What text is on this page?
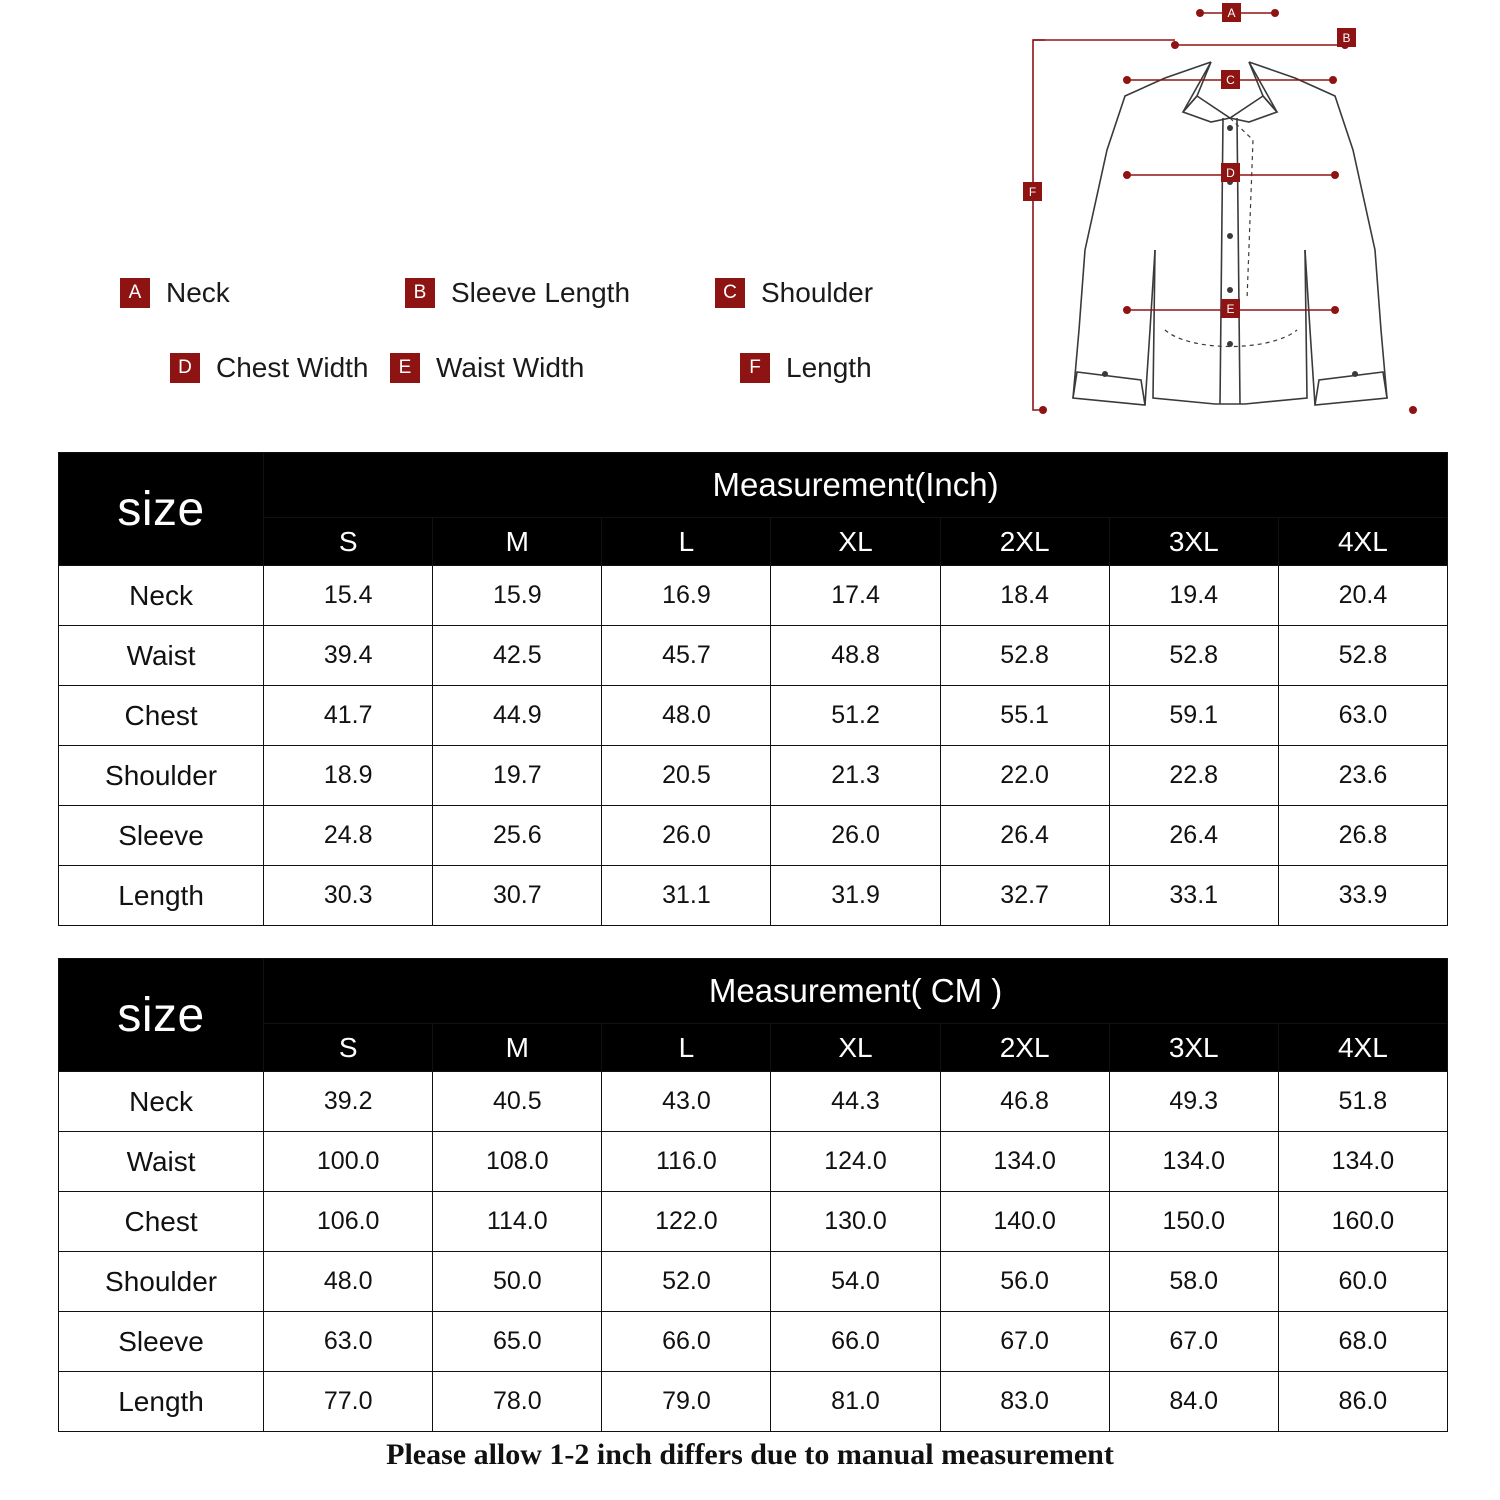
A Neck	B Sleeve Length	C Shoulder
D Chest Width	E Waist Width	F Length
A
B
C
D
E
F
size	Measurement(Inch)						
	S	M	L	XL	2XL	3XL	4XL
Neck	15.4	15.9	16.9	17.4	18.4	19.4	20.4
Waist	39.4	42.5	45.7	48.8	52.8	52.8	52.8
Chest	41.7	44.9	48.0	51.2	55.1	59.1	63.0
Shoulder	18.9	19.7	20.5	21.3	22.0	22.8	23.6
Sleeve	24.8	25.6	26.0	26.0	26.4	26.4	26.8
Length	30.3	30.7	31.1	31.9	32.7	33.1	33.9
size	Measurement( CM )						
	S	M	L	XL	2XL	3XL	4XL
Neck	39.2	40.5	43.0	44.3	46.8	49.3	51.8
Waist	100.0	108.0	116.0	124.0	134.0	134.0	134.0
Chest	106.0	114.0	122.0	130.0	140.0	150.0	160.0
Shoulder	48.0	50.0	52.0	54.0	56.0	58.0	60.0
Sleeve	63.0	65.0	66.0	66.0	67.0	67.0	68.0
Length	77.0	78.0	79.0	81.0	83.0	84.0	86.0
Please allow 1-2 inch differs due to manual measurement
